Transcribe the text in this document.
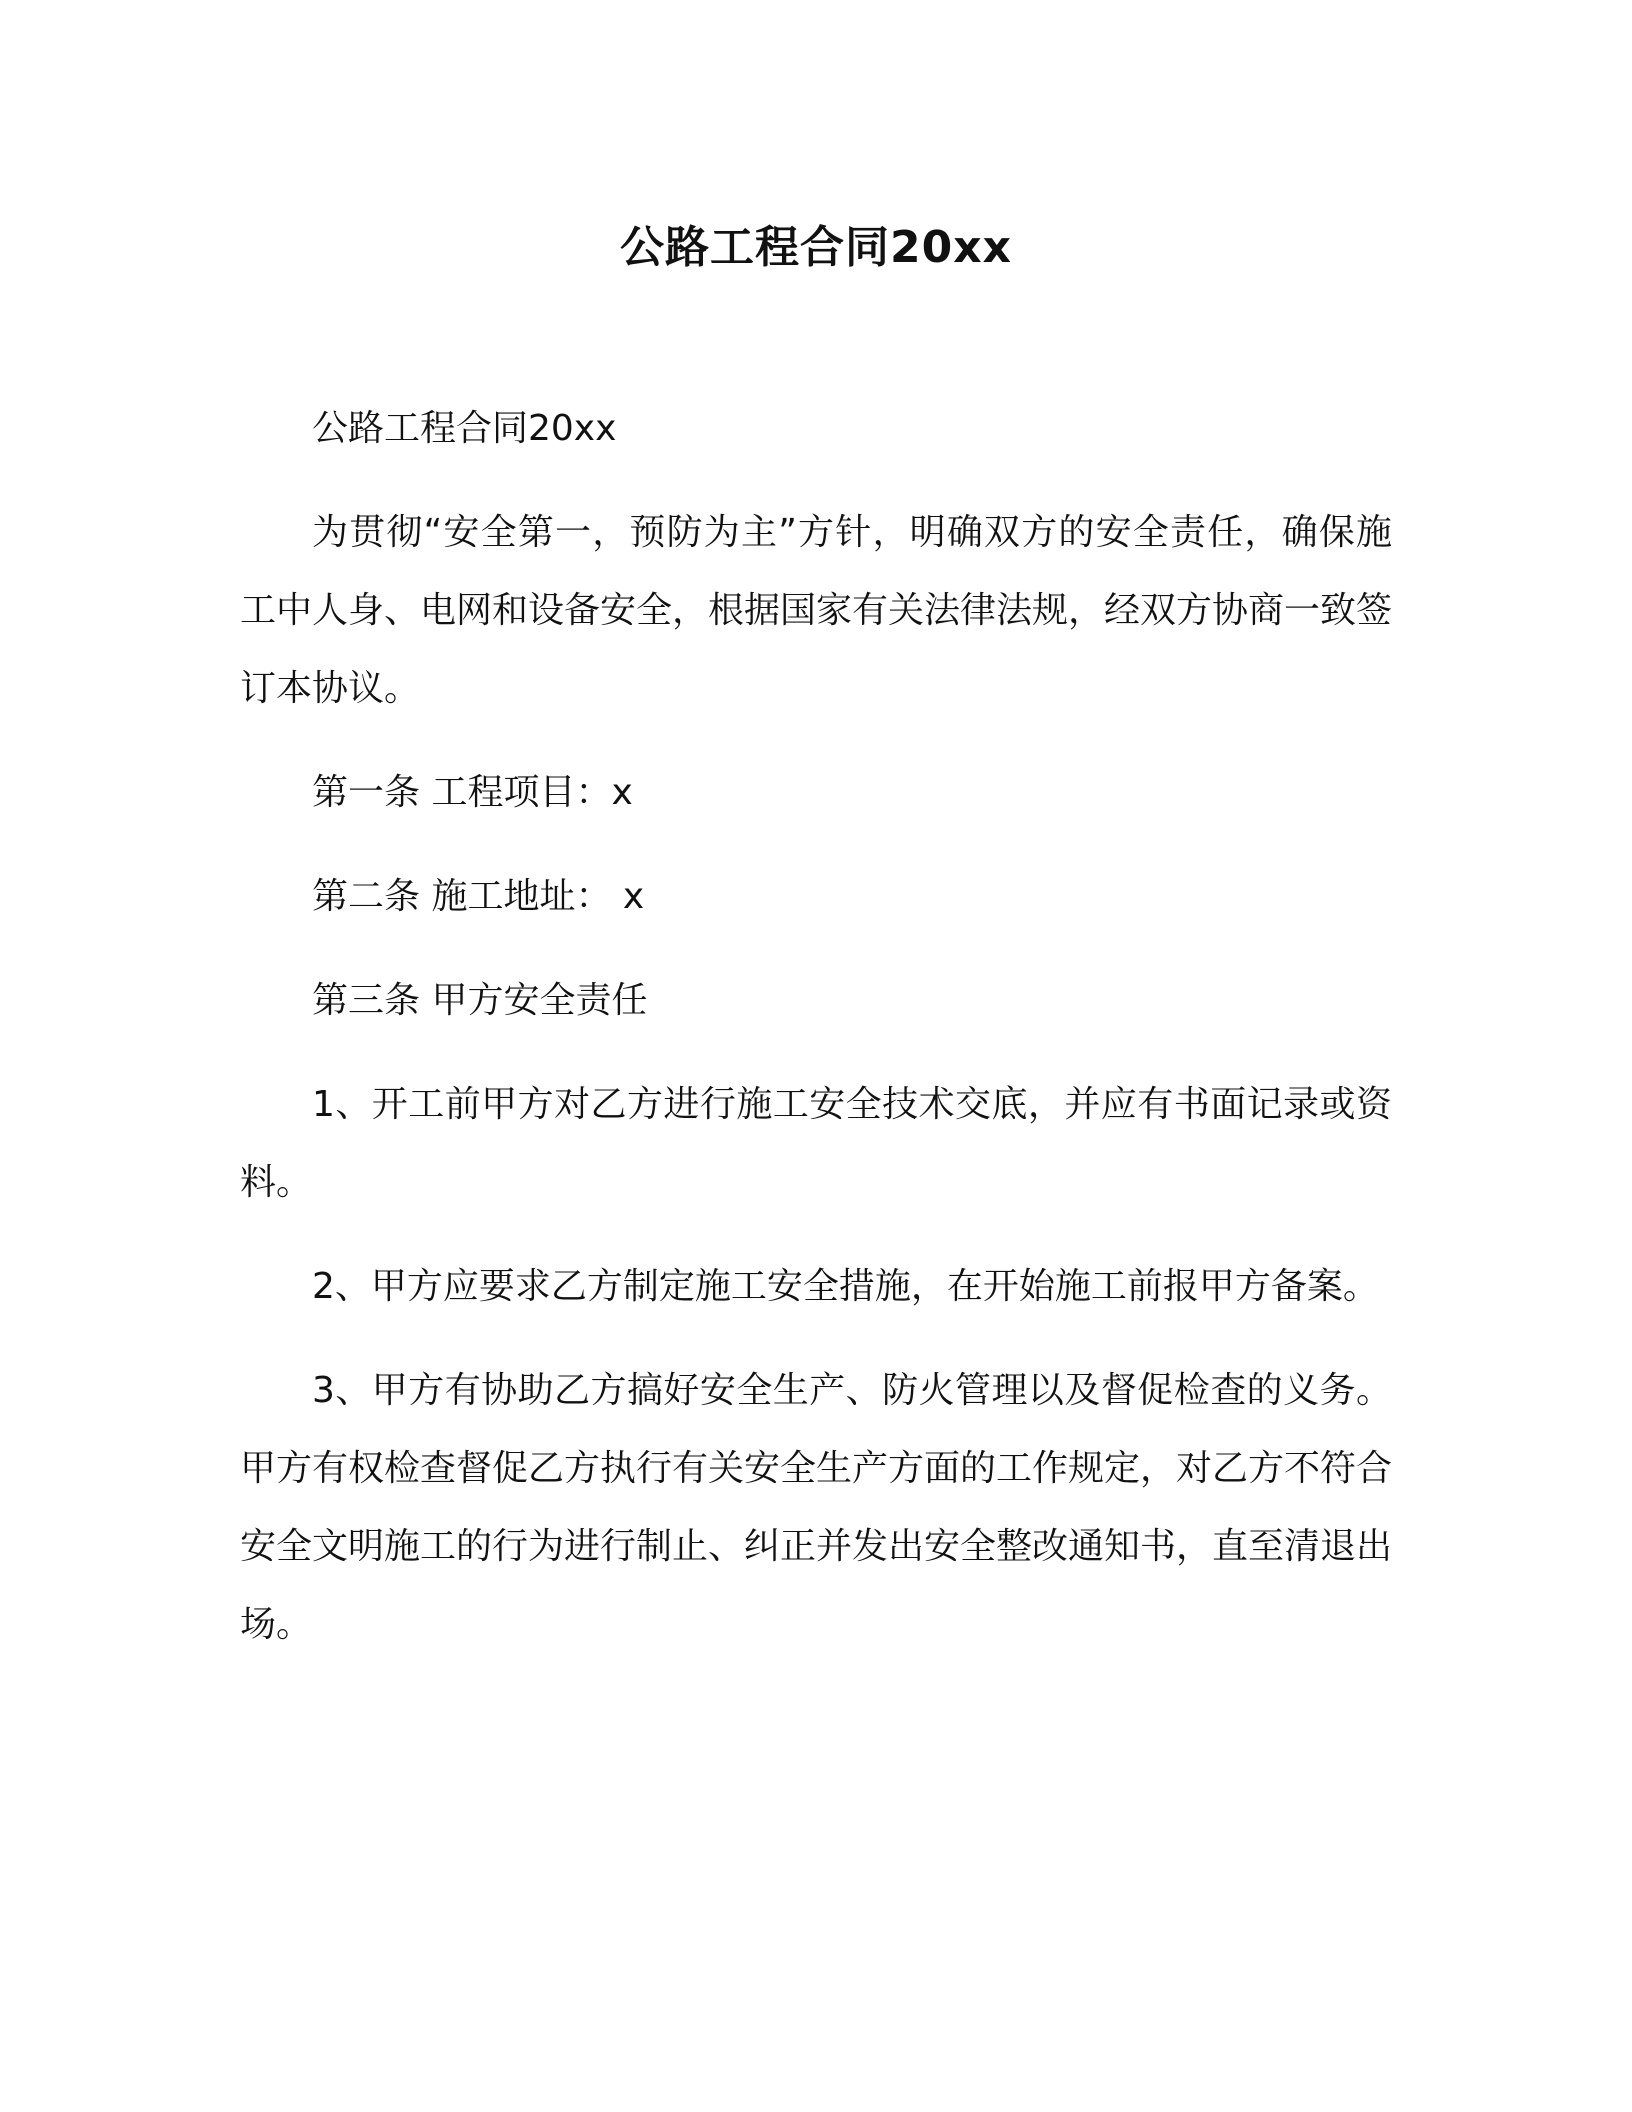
公路工程合同20xx

公路工程合同20xx

为贯彻“安全第一，预防为主”方针，明确双方的安全责任，确保施工中人身、电网和设备安全，根据国家有关法律法规，经双方协商一致签订本协议。

第一条 工程项目：x

第二条 施工地址： x

第三条 甲方安全责任

1、开工前甲方对乙方进行施工安全技术交底，并应有书面记录或资料。

2、甲方应要求乙方制定施工安全措施，在开始施工前报甲方备案。

3、甲方有协助乙方搞好安全生产、防火管理以及督促检查的义务。甲方有权检查督促乙方执行有关安全生产方面的工作规定，对乙方不符合安全文明施工的行为进行制止、纠正并发出安全整改通知书，直至清退出场。
